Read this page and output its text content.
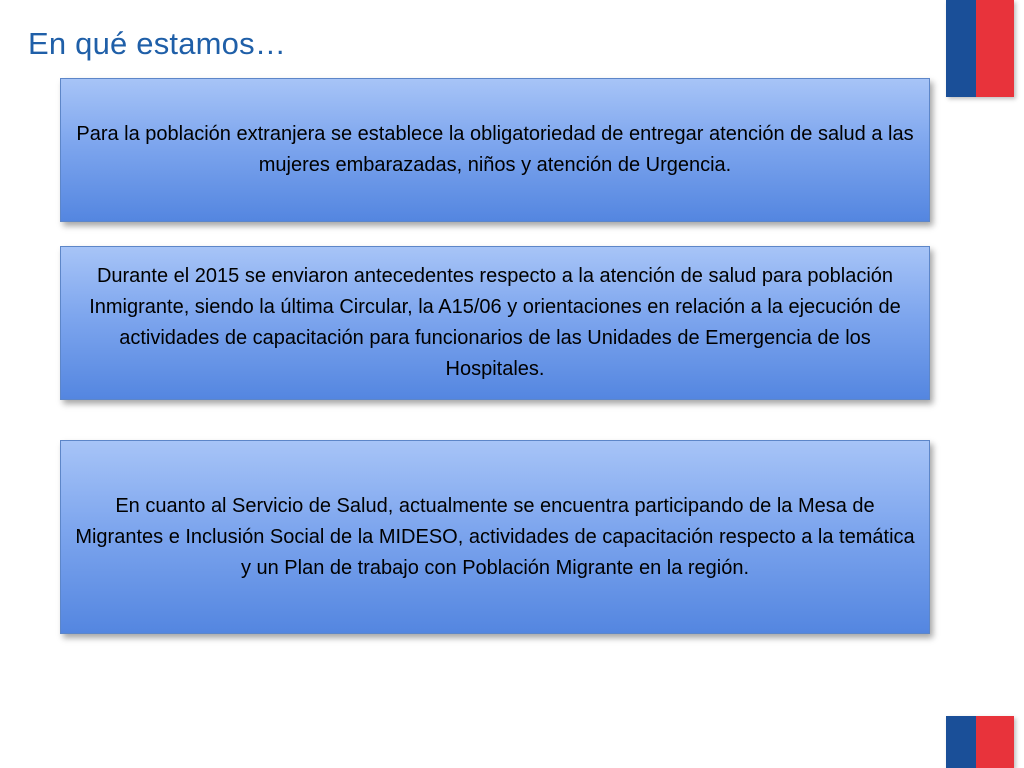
En qué estamos…
Para la población extranjera se establece la obligatoriedad de entregar atención de salud a las mujeres embarazadas, niños y atención de Urgencia.
Durante el 2015 se enviaron antecedentes respecto a la atención de salud para población Inmigrante, siendo la última Circular, la A15/06 y orientaciones en relación a la ejecución de actividades de capacitación para funcionarios de las Unidades de Emergencia de los Hospitales.
En cuanto al Servicio de Salud, actualmente se encuentra participando de la Mesa de Migrantes e Inclusión Social de la MIDESO, actividades de capacitación respecto a la temática y un Plan de trabajo con Población Migrante en la región.
